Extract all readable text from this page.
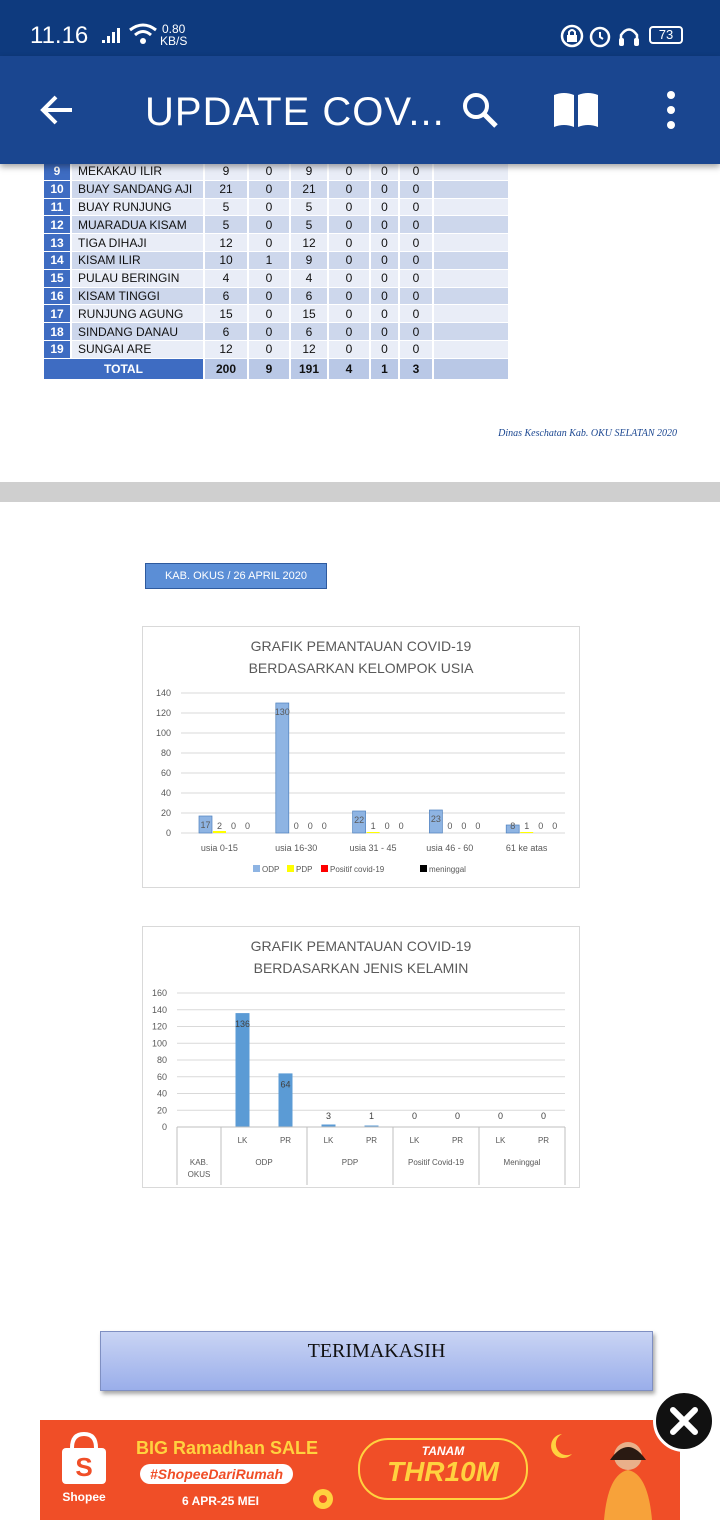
11.16	0.80
KB/S	73
UPDATE COV...

9	MEKAKAU ILIR	9	0	9	0	0	0	
10	BUAY SANDANG AJI	21	0	21	0	0	0	
11	BUAY RUNJUNG	5	0	5	0	0	0	
12	MUARADUA KISAM	5	0	5	0	0	0	
13	TIGA DIHAJI	12	0	12	0	0	0	
14	KISAM ILIR	10	1	9	0	0	0	
15	PULAU BERINGIN	4	0	4	0	0	0	
16	KISAM TINGGI	6	0	6	0	0	0	
17	RUNJUNG AGUNG	15	0	15	0	0	0	
18	SINDANG DANAU	6	0	6	0	0	0	
19	SUNGAI ARE	12	0	12	0	0	0	
TOTAL		200	9	191	4	1	3	
Dinas Keschatan Kab. OKU SELATAN 2020
KAB. OKUS / 26 APRIL 2020
GRAFIK PEMANTAUAN COVID-19
BERDASARKAN KELOMPOK USIA
0
20
40
60
80
100
120
140
17 2 0 0
usia 0-15
130
0 0 0
usia 16-30
22
1 0 0
usia 31 - 45
23
0 0 0
usia 46 - 60
8 1 0 0
61 ke atas
ODP PDP Positif covid-19	meninggal
GRAFIK PEMANTAUAN COVID-19
BERDASARKAN JENIS KELAMIN
0
20
40
60
80
100
120
140
160
136
LK
64
PR
3
LK
1
PR
0
LK
0
PR
0
LK
0
PR
ODP	PDP	Positif Covid-19	Meninggal
KAB.
OKUS
TERIMAKASIH
S
Shopee
BIG Ramadhan SALE
#ShopeeDariRumah
6 APR-25 MEI
TANAM
THR10M
